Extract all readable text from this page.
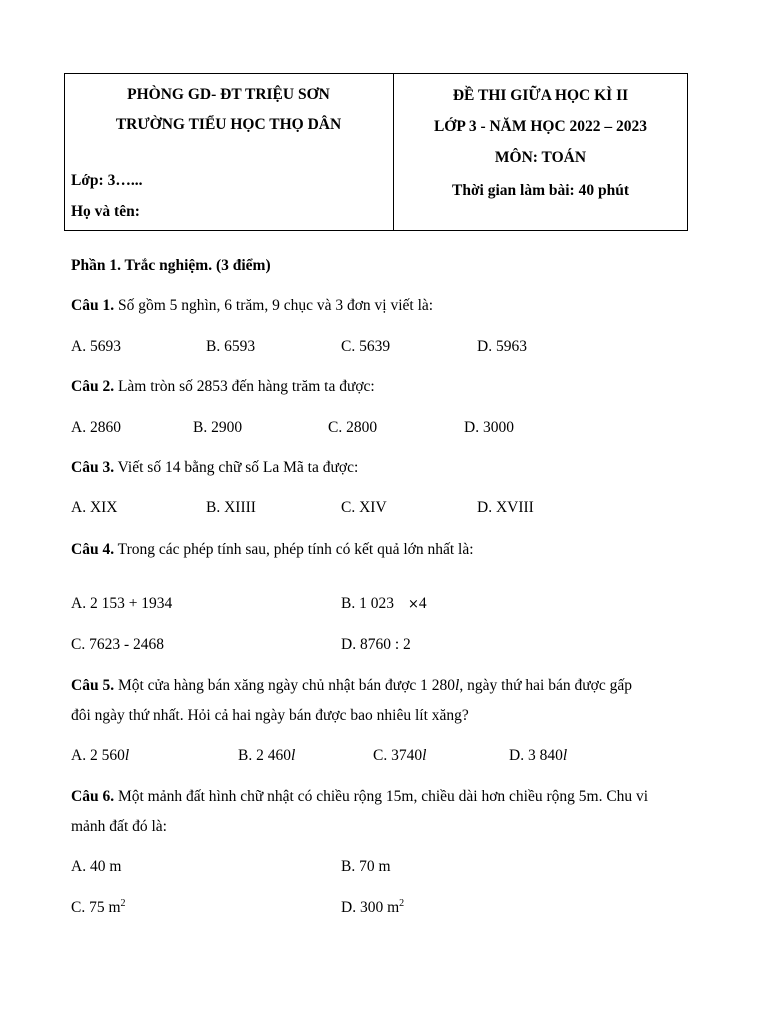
PHÒNG GD- ĐT TRIỆU SƠN
TRƯỜNG TIỂU HỌC THỌ DÂN
Lớp: 3…...
Họ và tên:
ĐỀ THI GIỮA HỌC KÌ II
LỚP 3 - NĂM HỌC 2022 – 2023
MÔN: TOÁN
Thời gian làm bài: 40 phút
Phần 1. Trắc nghiệm. (3 điểm)
Câu 1. Số gồm 5 nghìn, 6 trăm, 9 chục và 3 đơn vị viết là:
A. 5693	B. 6593	C. 5639	D. 5963
Câu 2. Làm tròn số 2853 đến hàng trăm ta được:
A. 2860	B. 2900	C. 2800	D. 3000
Câu 3. Viết số 14 bằng chữ số La Mã ta được:
A. XIX	B. XIIII	C. XIV	D. XVIII
Câu 4. Trong các phép tính sau, phép tính có kết quả lớn nhất là:
A. 2 153 + 1934	B. 1 023 ×4
C. 7623 - 2468	D. 8760 : 2
Câu 5. Một cửa hàng bán xăng ngày chủ nhật bán được 1 280l, ngày thứ hai bán được gấp
đôi ngày thứ nhất. Hỏi cả hai ngày bán được bao nhiêu lít xăng?
A. 2 560l	B. 2 460l	C. 3740l	D. 3 840l
Câu 6. Một mảnh đất hình chữ nhật có chiều rộng 15m, chiều dài hơn chiều rộng 5m. Chu vi
mảnh đất đó là:
A. 40 m	B. 70 m
C. 75 $m^2$	D. 300 $m^2$
